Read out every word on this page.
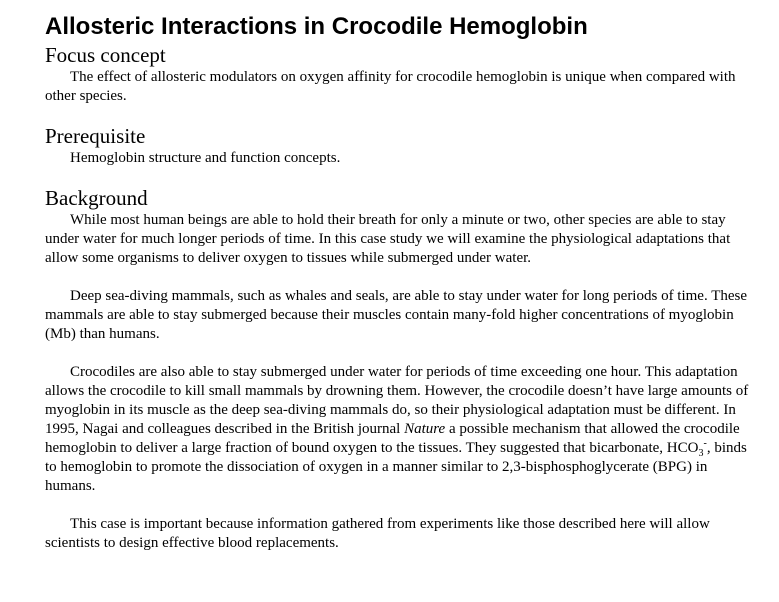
Allosteric Interactions in Crocodile Hemoglobin
Focus concept

The effect of allosteric modulators on oxygen affinity for crocodile hemoglobin is unique when compared with other species.

Prerequisite

Hemoglobin structure and function concepts.

Background

While most human beings are able to hold their breath for only a minute or two, other species are able to stay under water for much longer periods of time. In this case study we will examine the physiological adaptations that allow some organisms to deliver oxygen to tissues while submerged under water.

Deep sea-diving mammals, such as whales and seals, are able to stay under water for long periods of time. These mammals are able to stay submerged because their muscles contain many-fold higher concentrations of myoglobin (Mb) than humans.

Crocodiles are also able to stay submerged under water for periods of time exceeding one hour. This adaptation allows the crocodile to kill small mammals by drowning them. However, the crocodile doesn’t have large amounts of myoglobin in its muscle as the deep sea-diving mammals do, so their physiological adaptation must be different. In 1995, Nagai and colleagues described in the British journal Nature a possible mechanism that allowed the crocodile hemoglobin to deliver a large fraction of bound oxygen to the tissues. They suggested that bicarbonate, $HCO_3^-$, binds to hemoglobin to promote the dissociation of oxygen in a manner similar to 2,3-bisphosphoglycerate (BPG) in humans.

This case is important because information gathered from experiments like those described here will allow scientists to design effective blood replacements.
